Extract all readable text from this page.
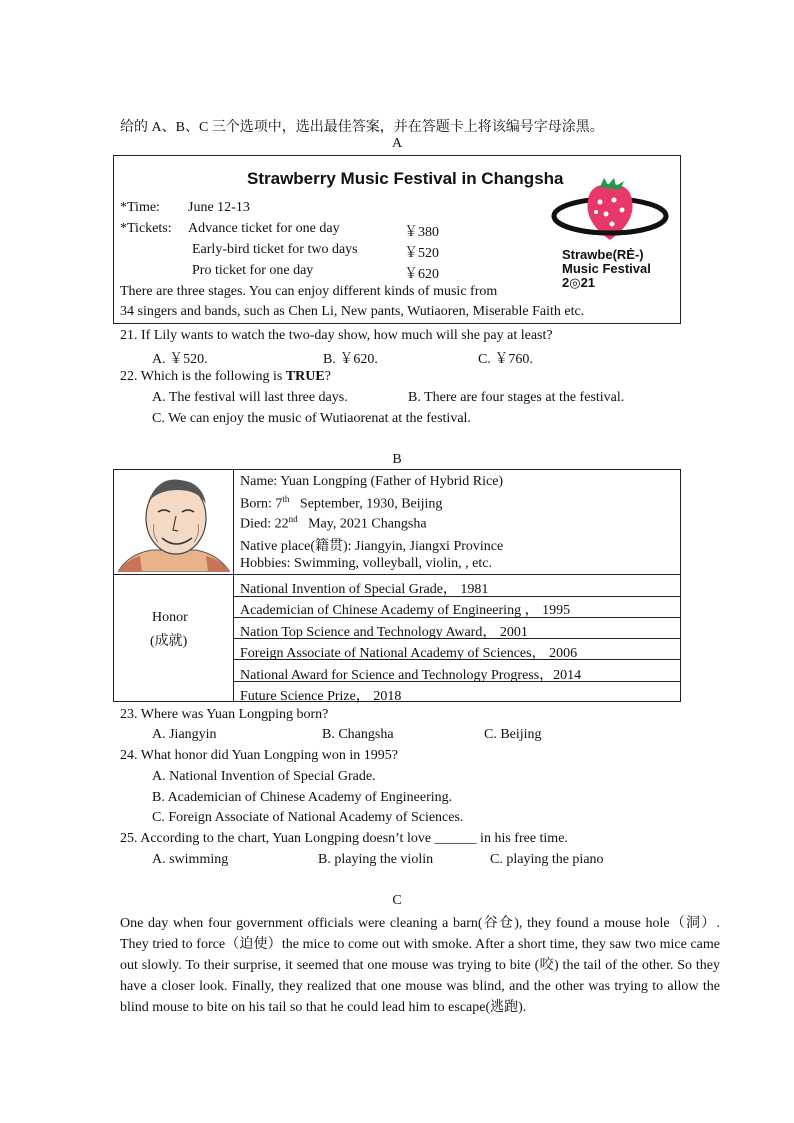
给的 A、B、C 三个选项中，选出最佳答案，并在答题卡上将该编号字母涂黑。
A
Strawberry Music Festival in Changsha
*Time: June 12-13
*Tickets: Advance ticket for one day	￥380
Early-bird ticket for two days	￥520
Pro ticket for one day	￥620
There are three stages. You can enjoy different kinds of music from
34 singers and bands, such as Chen Li, New pants, Wutiaoren, Miserable Faith etc.
Strawbe(RĖ-)
Music Festival
2◎21
21. If Lily wants to watch the two-day show, how much will she pay at least?
A. ￥520.	B. ￥620.	C. ￥760.
22. Which is the following is TRUE?
A. The festival will last three days.	B. There are four stages at the festival.
C. We can enjoy the music of Wutiaorenat at the festival.
B
Name: Yuan Longping (Father of Hybrid Rice)
Born: 7th September, 1930, Beijing
Died: 22nd May, 2021 Changsha
Native place(籍贯): Jiangyin, Jiangxi Province
Hobbies: Swimming, volleyball, violin, , etc.
Honor
(成就)
National Invention of Special Grade， 1981
Academician of Chinese Academy of Engineering ， 1995
Nation Top Science and Technology Award， 2001
Foreign Associate of National Academy of Sciences， 2006
National Award for Science and Technology Progress，2014
Future Science Prize， 2018
23. Where was Yuan Longping born?
A. Jiangyin	B. Changsha	C. Beijing
24. What honor did Yuan Longping won in 1995?
A. National Invention of Special Grade.
B. Academician of Chinese Academy of Engineering.
C. Foreign Associate of National Academy of Sciences.
25. According to the chart, Yuan Longping doesn’t love ______ in his free time.
A. swimming	B. playing the violin	C. playing the piano
C
One day when four government officials were cleaning a barn(谷仓), they found a mouse hole（洞）. They tried to force（迫使）the mice to come out with smoke. After a short time, they saw two mice came out slowly. To their surprise, it seemed that one mouse was trying to bite (咬) the tail of the other. So they have a closer look. Finally, they realized that one mouse was blind, and the other was trying to allow the blind mouse to bite on his tail so that he could lead him to escape(逃跑).
